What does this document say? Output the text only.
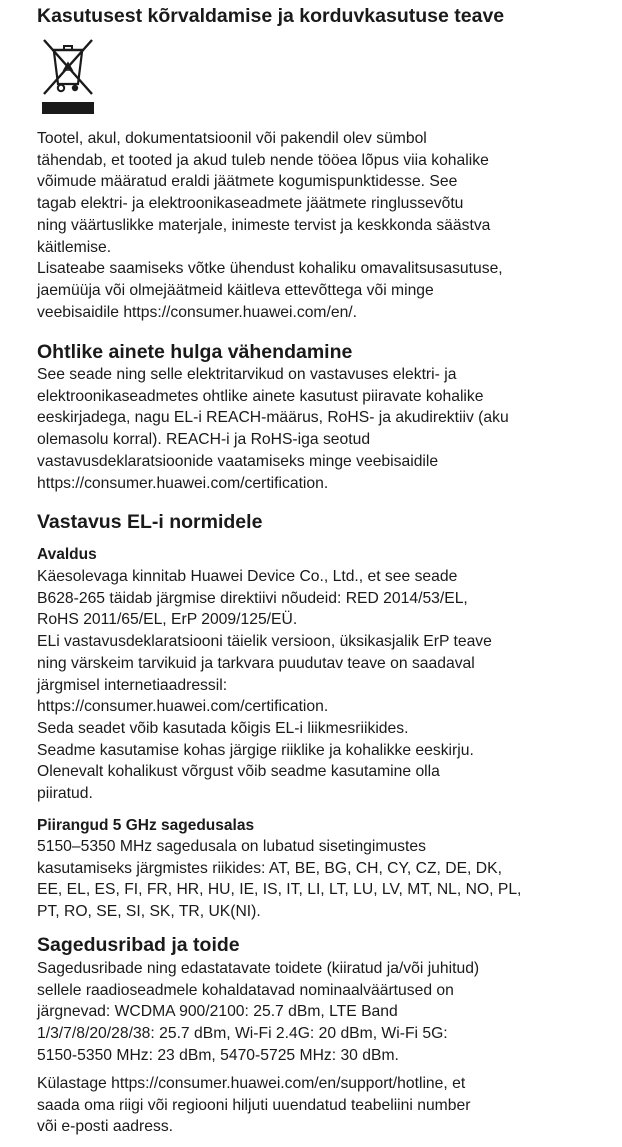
Kasutusest kõrvaldamise ja korduvkasutuse teave

Tootel, akul, dokumentatsioonil või pakendil olev sümbol
tähendab, et tooted ja akud tuleb nende tööea lõpus viia kohalike
võimude määratud eraldi jäätmete kogumispunktidesse. See
tagab elektri- ja elektroonikaseadmete jäätmete ringlussevõtu
ning väärtuslikke materjale, inimeste tervist ja keskkonda säästva
käitlemise.
Lisateabe saamiseks võtke ühendust kohaliku omavalitsusasutuse,
jaemüüja või olmejäätmeid käitleva ettevõttega või minge
veebisaidile https://consumer.huawei.com/en/.

Ohtlike ainete hulga vähendamine

See seade ning selle elektritarvikud on vastavuses elektri- ja
elektroonikaseadmetes ohtlike ainete kasutust piiravate kohalike
eeskirjadega, nagu EL-i REACH-määrus, RoHS- ja akudirektiiv (aku
olemasolu korral). REACH-i ja RoHS-iga seotud
vastavusdeklaratsioonide vaatamiseks minge veebisaidile
https://consumer.huawei.com/certification.

Vastavus EL-i normidele
Avaldus

Käesolevaga kinnitab Huawei Device Co., Ltd., et see seade
B628-265 täidab järgmise direktiivi nõudeid: RED 2014/53/EL,
RoHS 2011/65/EL, ErP 2009/125/EÜ.
ELi vastavusdeklaratsiooni täielik versioon, üksikasjalik ErP teave
ning värskeim tarvikuid ja tarkvara puudutav teave on saadaval
järgmisel internetiaadressil:
https://consumer.huawei.com/certification.
Seda seadet võib kasutada kõigis EL-i liikmesriikides.
Seadme kasutamise kohas järgige riiklike ja kohalikke eeskirju.
Olenevalt kohalikust võrgust võib seadme kasutamine olla
piiratud.

Piirangud 5 GHz sagedusalas

5150–5350 MHz sagedusala on lubatud sisetingimustes
kasutamiseks järgmistes riikides: AT, BE, BG, CH, CY, CZ, DE, DK,
EE, EL, ES, FI, FR, HR, HU, IE, IS, IT, LI, LT, LU, LV, MT, NL, NO, PL,
PT, RO, SE, SI, SK, TR, UK(NI).

Sagedusribad ja toide

Sagedusribade ning edastatavate toidete (kiiratud ja/või juhitud)
sellele raadioseadmele kohaldatavad nominaalväärtused on
järgnevad: WCDMA 900/2100: 25.7 dBm, LTE Band
1/3/7/8/20/28/38: 25.7 dBm, Wi-Fi 2.4G: 20 dBm, Wi-Fi 5G:
5150-5350 MHz: 23 dBm, 5470-5725 MHz: 30 dBm.

Külastage https://consumer.huawei.com/en/support/hotline, et
saada oma riigi või regiooni hiljuti uuendatud teabeliini number
või e-posti aadress.
